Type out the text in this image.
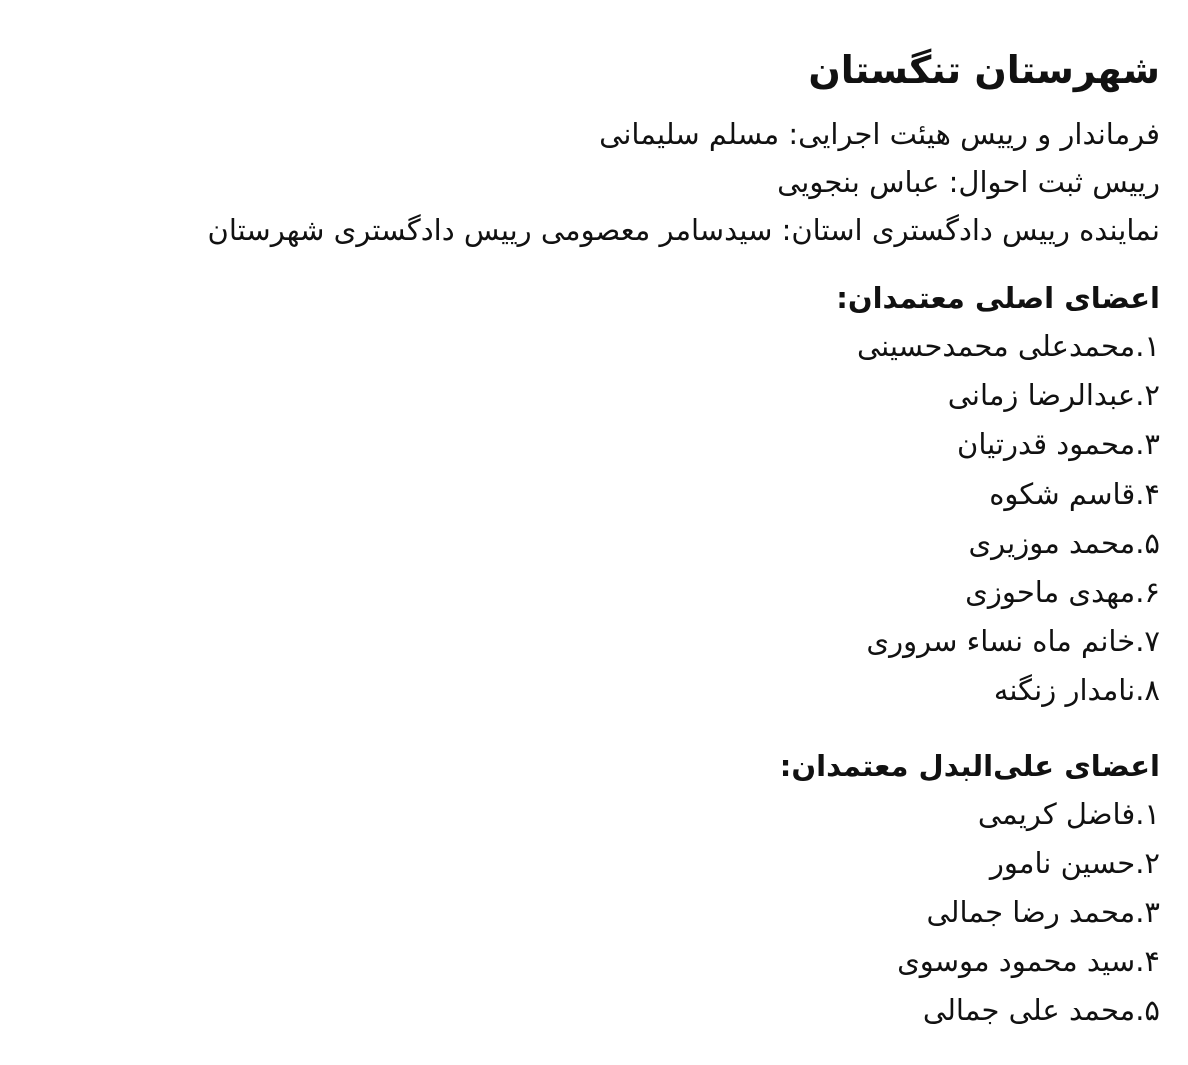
شهرستان تنگستان

فرماندار و رییس هیئت اجرایی: مسلم سلیمانی

رییس ثبت احوال: عباس بنجویی

نماینده رییس دادگستری استان: سیدسامر معصومی رییس دادگستری شهرستان

اعضای اصلی معتمدان:

۱.محمدعلی محمدحسینی

۲.عبدالرضا زمانی

۳.محمود قدرتیان

۴.قاسم شکوه

۵.محمد موزیری

۶.مهدی ماحوزی

۷.خانم ماه نساء سروری

۸.نامدار زنگنه

اعضای علی‌البدل معتمدان:

۱.فاضل کریمی

۲.حسین نامور

۳.محمد رضا جمالی

۴.سید محمود موسوی

۵.محمد علی جمالی
